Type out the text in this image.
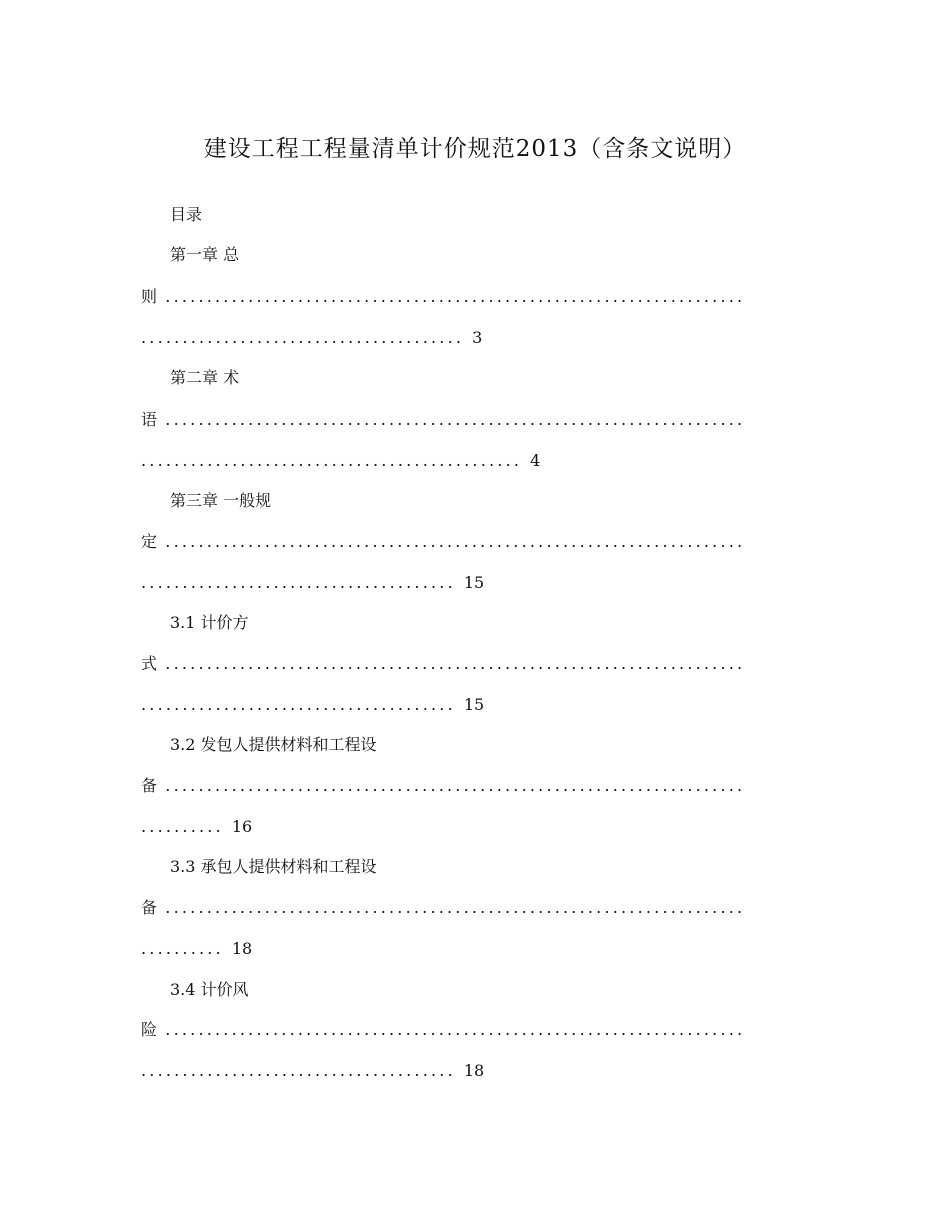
建设工程工程量清单计价规范2013（含条文说明）
目录
第一章 总
则 ......................................................................
....................................... 3
第二章 术
语 ......................................................................
.............................................. 4
第三章 一般规
定 ......................................................................
...................................... 15
3.1 计价方
式 ......................................................................
...................................... 15
3.2 发包人提供材料和工程设
备 ......................................................................
.......... 16
3.3 承包人提供材料和工程设
备 ......................................................................
.......... 18
3.4 计价风
险 ......................................................................
...................................... 18
